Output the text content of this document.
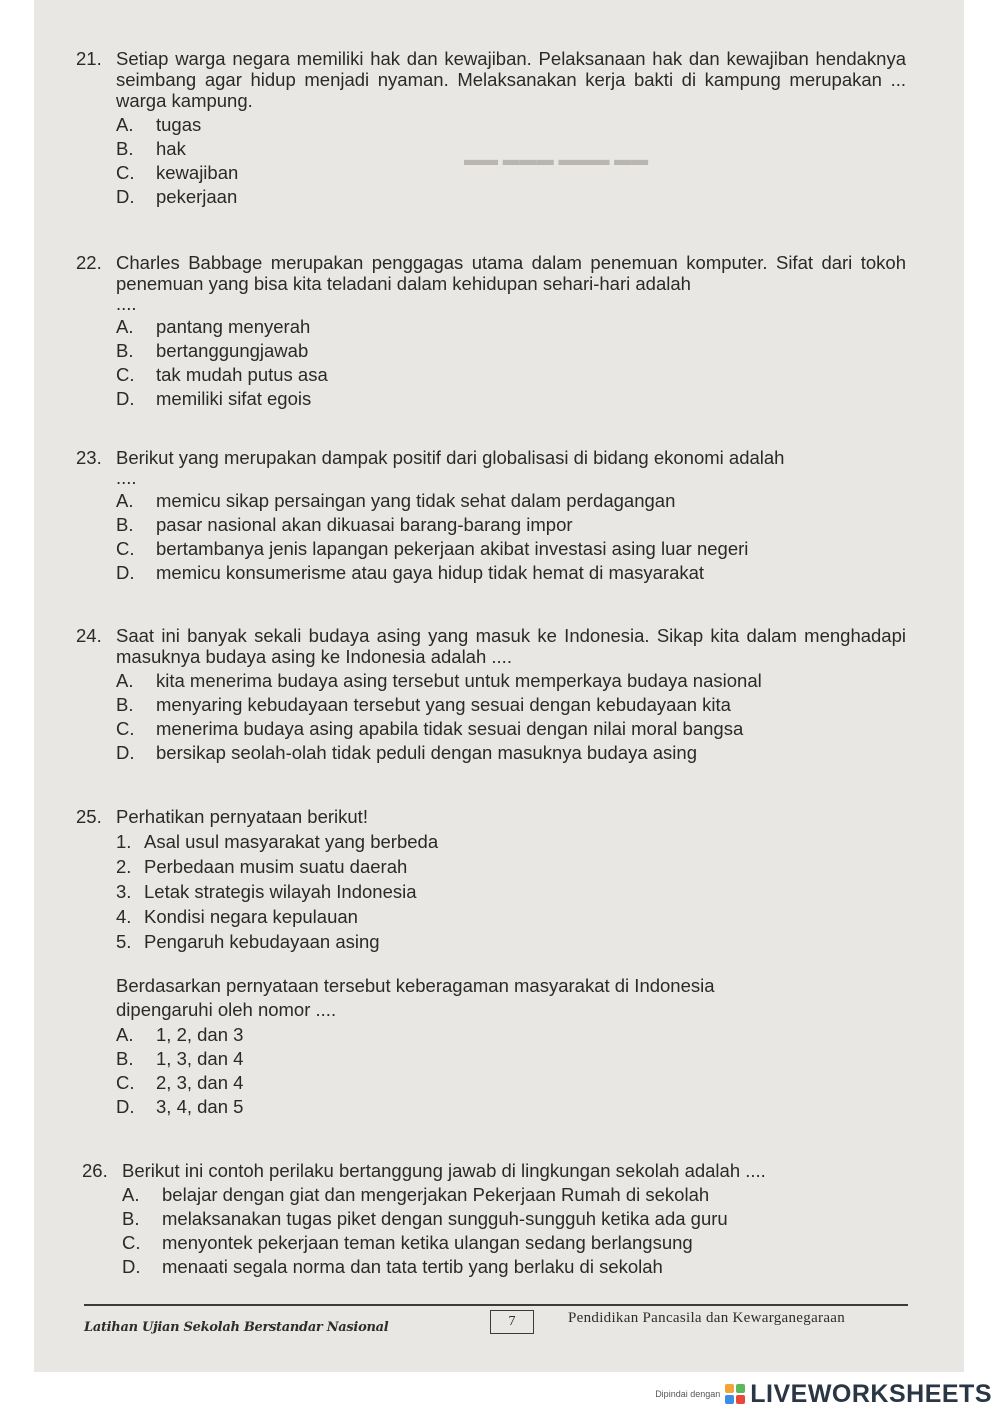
▬▬ ▬▬▬ ▬▬▬ ▬▬
21. Setiap warga negara memiliki hak dan kewajiban. Pelaksanaan hak dan kewajiban hendaknya seimbang agar hidup menjadi nyaman. Melaksanakan kerja bakti di kampung merupakan ... warga kampung.
A. tugas
B. hak
C. kewajiban
D. pekerjaan
22. Charles Babbage merupakan penggagas utama dalam penemuan komputer. Sifat dari tokoh penemuan yang bisa kita teladani dalam kehidupan sehari-hari adalah
....
A. pantang menyerah
B. bertanggungjawab
C. tak mudah putus asa
D. memiliki sifat egois
23. Berikut yang merupakan dampak positif dari globalisasi di bidang ekonomi adalah
....
A. memicu sikap persaingan yang tidak sehat dalam perdagangan
B. pasar nasional akan dikuasai barang-barang impor
C. bertambanya jenis lapangan pekerjaan akibat investasi asing luar negeri
D. memicu konsumerisme atau gaya hidup tidak hemat di masyarakat
24. Saat ini banyak sekali budaya asing yang masuk ke Indonesia. Sikap kita dalam menghadapi masuknya budaya asing ke Indonesia adalah ....
A. kita menerima budaya asing tersebut untuk memperkaya budaya nasional
B. menyaring kebudayaan tersebut yang sesuai dengan kebudayaan kita
C. menerima budaya asing apabila tidak sesuai dengan nilai moral bangsa
D. bersikap seolah-olah tidak peduli dengan masuknya budaya asing
25. Perhatikan pernyataan berikut!
1. Asal usul masyarakat yang berbeda
2. Perbedaan musim suatu daerah
3. Letak strategis wilayah Indonesia
4. Kondisi negara kepulauan
5. Pengaruh kebudayaan asing
Berdasarkan pernyataan tersebut keberagaman masyarakat di Indonesia
dipengaruhi oleh nomor ....
A. 1, 2, dan 3
B. 1, 3, dan 4
C. 2, 3, dan 4
D. 3, 4, dan 5
26. Berikut ini contoh perilaku bertanggung jawab di lingkungan sekolah adalah ....
A. belajar dengan giat dan mengerjakan Pekerjaan Rumah di sekolah
B. melaksanakan tugas piket dengan sungguh-sungguh ketika ada guru
C. menyontek pekerjaan teman ketika ulangan sedang berlangsung
D. menaati segala norma dan tata tertib yang berlaku di sekolah
Latihan Ujian Sekolah Berstandar Nasional	7	Pendidikan Pancasila dan Kewarganegaraan
Dipindai dengan LIVEWORKSHEETS
